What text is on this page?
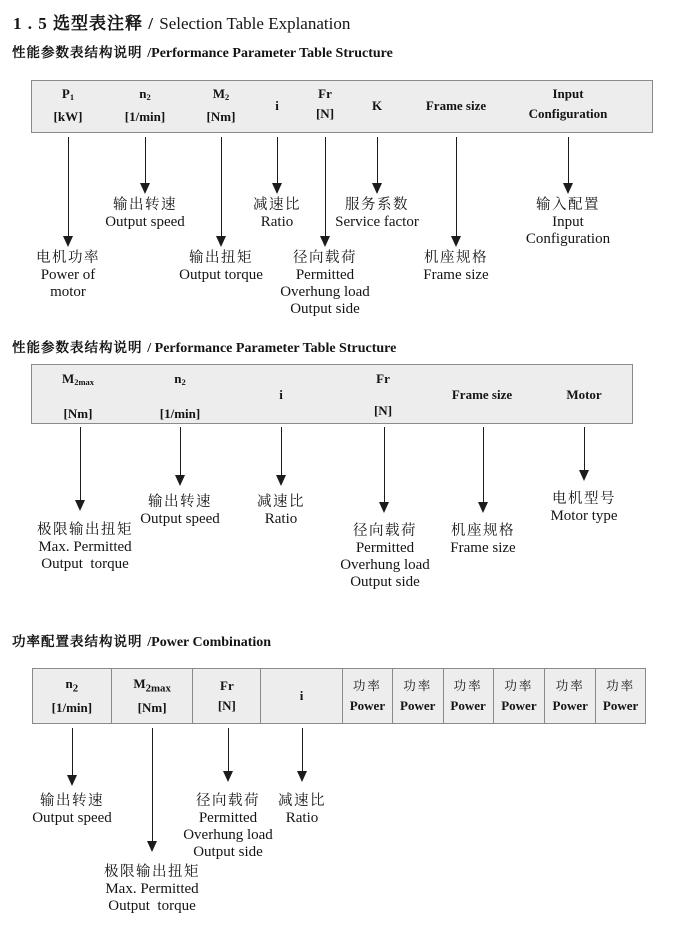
1 . 5 选型表注释 / Selection Table Explanation
性能参数表结构说明 /Performance Parameter Table Structure
$P_1$
[kW]
$n_2$
[1/min]
$M_2$
[Nm]
i
Fr
[N]
K	Frame size
Input
Configuration
电机功率
Power of
motor
输出转速
Output speed
输出扭矩
Output torque
减速比
Ratio
径向载荷
Permitted
Overhung load
Output side
服务系数
Service factor
机座规格
Frame size
输入配置
Input
Configuration
性能参数表结构说明 / Performance Parameter Table Structure
$M_{2max}$
[Nm]
$n_2$
[1/min]
i
Fr
[N]
Frame size	Motor
极限输出扭矩
Max. Permitted
Output  torque
输出转速
Output speed
减速比
Ratio
径向载荷
Permitted
Overhung load
Output side
机座规格
Frame size
电机型号
Motor type
功率配置表结构说明 /Power Combination
$n_2$
[1/min]
$M_{2max}$
[Nm]
Fr
[N]
i
功率
Power
功率
Power
功率
Power
功率
Power
功率
Power
功率
Power
输出转速
Output speed
极限输出扭矩
Max. Permitted
Output  torque
径向载荷
Permitted
Overhung load
Output side
减速比
Ratio
